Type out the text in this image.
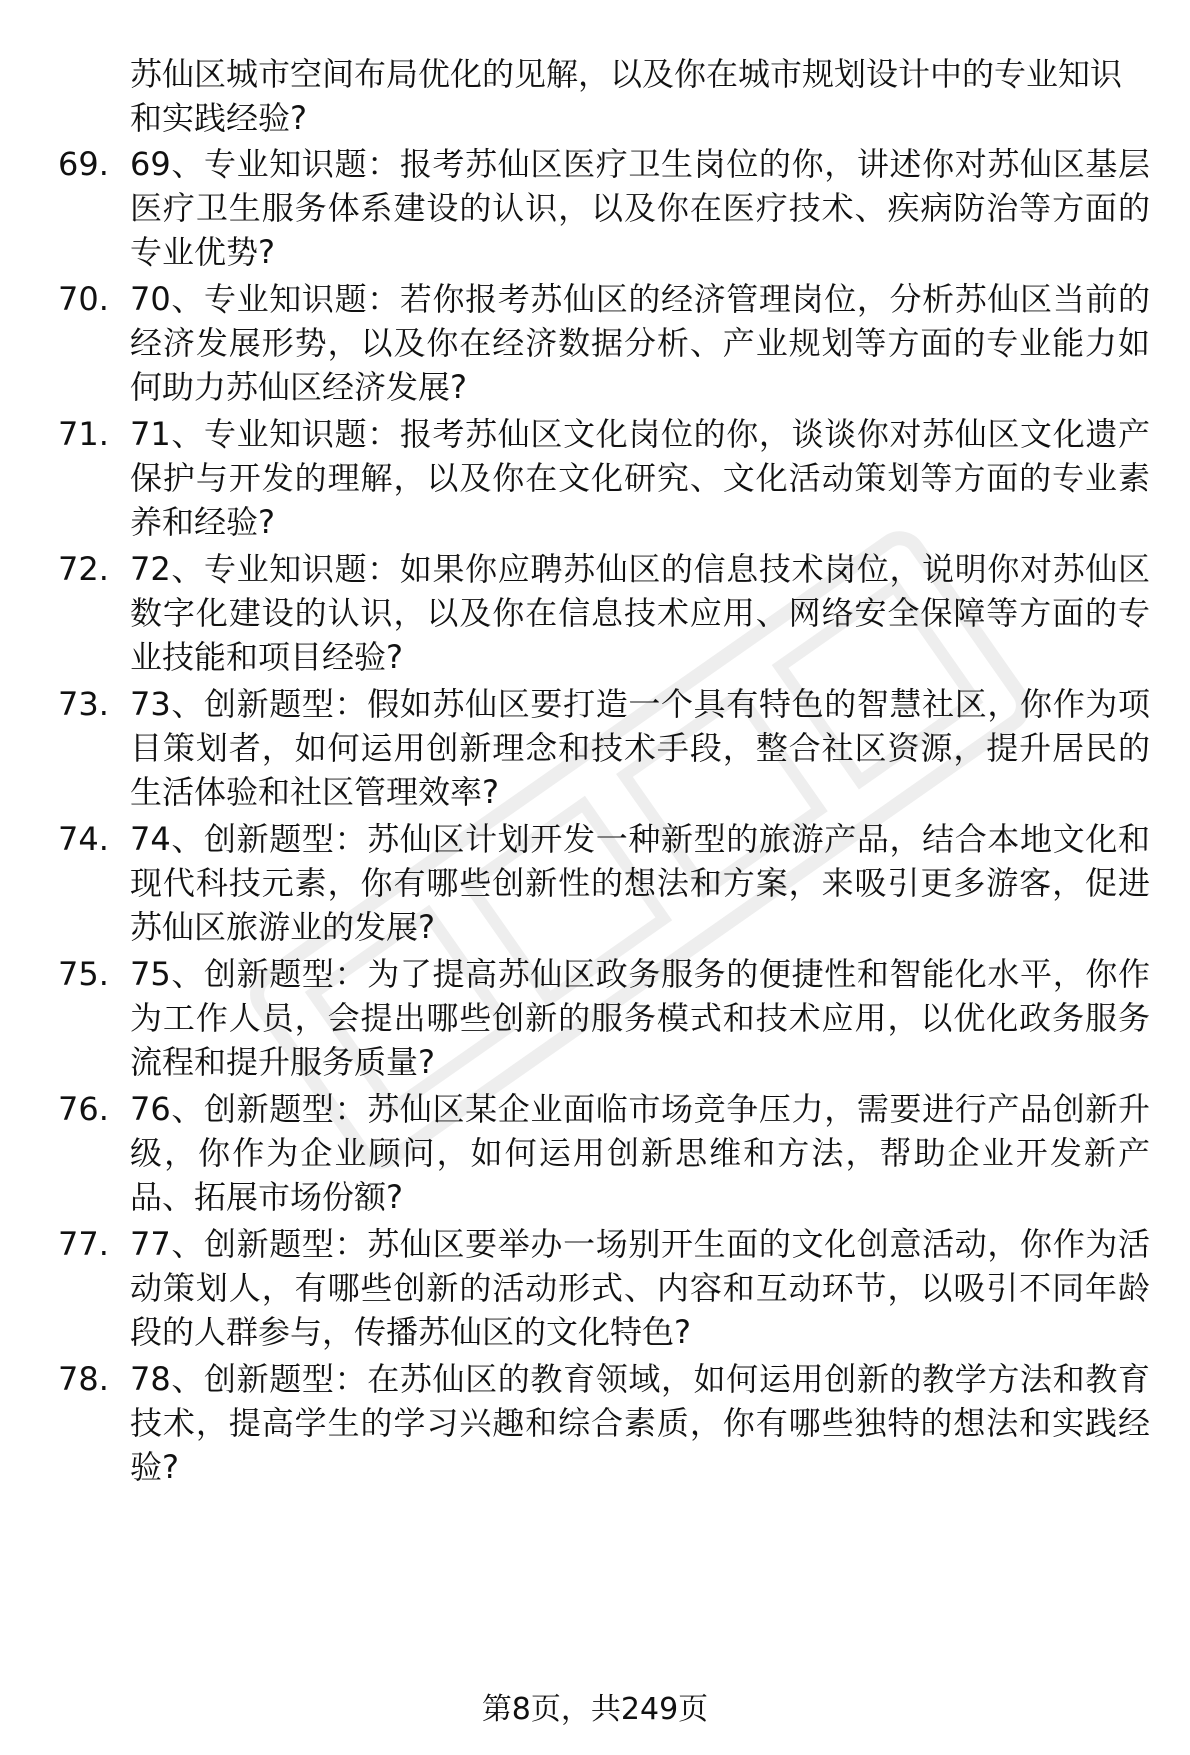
苏仙区城市空间布局优化的见解，以及你在城市规划设计中的专业知识和实践经验?
69. 69、专业知识题：报考苏仙区医疗卫生岗位的你，讲述你对苏仙区基层医疗卫生服务体系建设的认识，以及你在医疗技术、疾病防治等方面的专业优势?
70. 70、专业知识题：若你报考苏仙区的经济管理岗位，分析苏仙区当前的经济发展形势，以及你在经济数据分析、产业规划等方面的专业能力如何助力苏仙区经济发展?
71. 71、专业知识题：报考苏仙区文化岗位的你，谈谈你对苏仙区文化遗产保护与开发的理解，以及你在文化研究、文化活动策划等方面的专业素养和经验?
72. 72、专业知识题：如果你应聘苏仙区的信息技术岗位，说明你对苏仙区数字化建设的认识，以及你在信息技术应用、网络安全保障等方面的专业技能和项目经验?
73. 73、创新题型：假如苏仙区要打造一个具有特色的智慧社区，你作为项目策划者，如何运用创新理念和技术手段，整合社区资源，提升居民的生活体验和社区管理效率?
74. 74、创新题型：苏仙区计划开发一种新型的旅游产品，结合本地文化和现代科技元素，你有哪些创新性的想法和方案，来吸引更多游客，促进苏仙区旅游业的发展?
75. 75、创新题型：为了提高苏仙区政务服务的便捷性和智能化水平，你作为工作人员，会提出哪些创新的服务模式和技术应用，以优化政务服务流程和提升服务质量?
76. 76、创新题型：苏仙区某企业面临市场竞争压力，需要进行产品创新升级，你作为企业顾问，如何运用创新思维和方法，帮助企业开发新产品、拓展市场份额?
77. 77、创新题型：苏仙区要举办一场别开生面的文化创意活动，你作为活动策划人，有哪些创新的活动形式、内容和互动环节，以吸引不同年龄段的人群参与，传播苏仙区的文化特色?
78. 78、创新题型：在苏仙区的教育领域，如何运用创新的教学方法和教育技术，提高学生的学习兴趣和综合素质，你有哪些独特的想法和实践经验?
第8页，共249页
